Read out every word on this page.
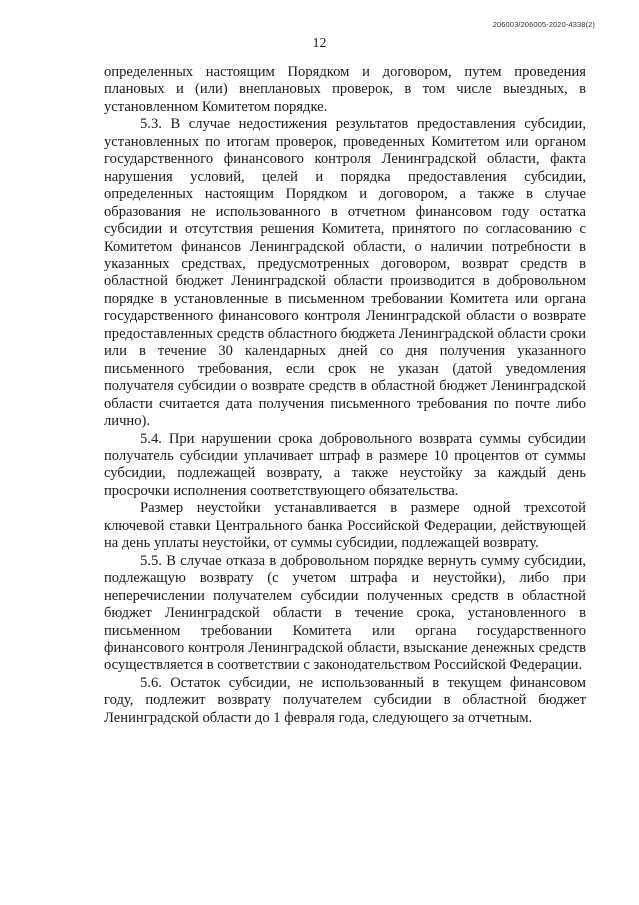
206003/206005-2020-4338(2)
12

определенных настоящим Порядком и договором, путем проведения плановых и (или) внеплановых проверок, в том числе выездных, в установленном Комитетом порядке.

5.3. В случае недостижения результатов предоставления субсидии, установленных по итогам проверок, проведенных Комитетом или органом государственного финансового контроля Ленинградской области, факта нарушения условий, целей и порядка предоставления субсидии, определенных настоящим Порядком и договором, а также в случае образования не использованного в отчетном финансовом году остатка субсидии и отсутствия решения Комитета, принятого по согласованию с Комитетом финансов Ленинградской области, о наличии потребности в указанных средствах, предусмотренных договором, возврат средств в областной бюджет Ленинградской области производится в добровольном порядке в установленные в письменном требовании Комитета или органа государственного финансового контроля Ленинградской области о возврате предоставленных средств областного бюджета Ленинградской области сроки или в течение 30 календарных дней со дня получения указанного письменного требования, если срок не указан (датой уведомления получателя субсидии о возврате средств в областной бюджет Ленинградской области считается дата получения письменного требования по почте либо лично).

5.4. При нарушении срока добровольного возврата суммы субсидии получатель субсидии уплачивает штраф в размере 10 процентов от суммы субсидии, подлежащей возврату, а также неустойку за каждый день просрочки исполнения соответствующего обязательства.

Размер неустойки устанавливается в размере одной трехсотой ключевой ставки Центрального банка Российской Федерации, действующей на день уплаты неустойки, от суммы субсидии, подлежащей возврату.

5.5. В случае отказа в добровольном порядке вернуть сумму субсидии, подлежащую возврату (с учетом штрафа и неустойки), либо при неперечислении получателем субсидии полученных средств в областной бюджет Ленинградской области в течение срока, установленного в письменном требовании Комитета или органа государственного финансового контроля Ленинградской области, взыскание денежных средств осуществляется в соответствии с законодательством Российской Федерации.

5.6. Остаток субсидии, не использованный в текущем финансовом году, подлежит возврату получателем субсидии в областной бюджет Ленинградской области до 1 февраля года, следующего за отчетным.
